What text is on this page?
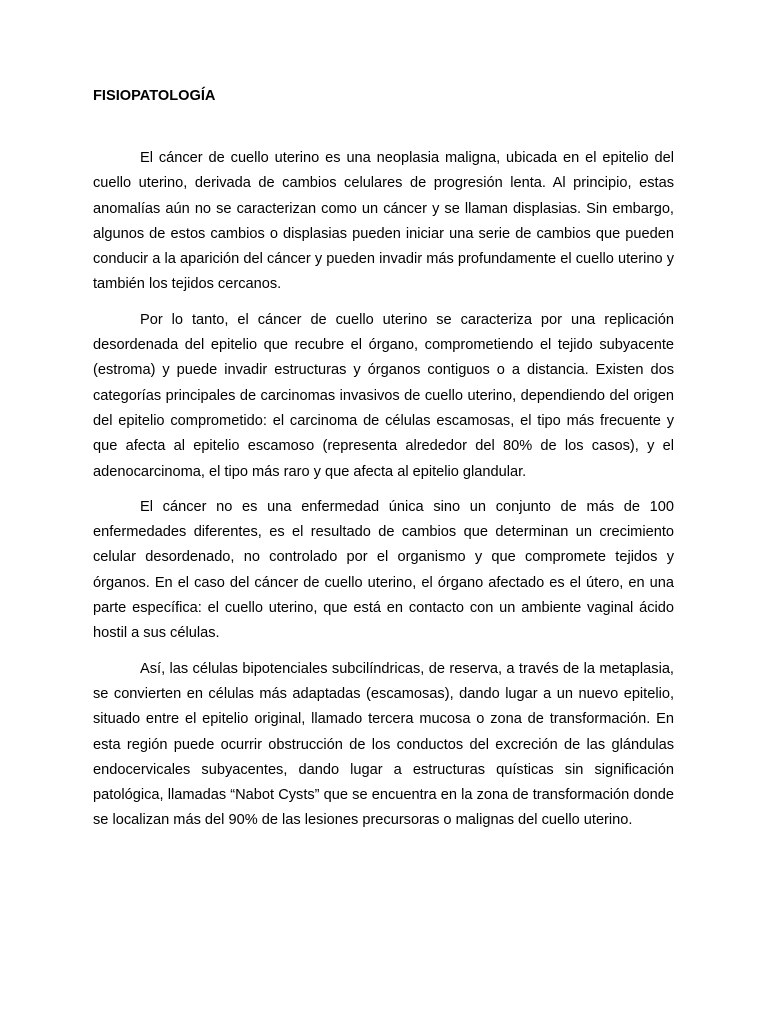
FISIOPATOLOGÍA

El cáncer de cuello uterino es una neoplasia maligna, ubicada en el epitelio del cuello uterino, derivada de cambios celulares de progresión lenta. Al principio, estas anomalías aún no se caracterizan como un cáncer y se llaman displasias. Sin embargo, algunos de estos cambios o displasias pueden iniciar una serie de cambios que pueden conducir a la aparición del cáncer y pueden invadir más profundamente el cuello uterino y también los tejidos cercanos.

Por lo tanto, el cáncer de cuello uterino se caracteriza por una replicación desordenada del epitelio que recubre el órgano, comprometiendo el tejido subyacente (estroma) y puede invadir estructuras y órganos contiguos o a distancia. Existen dos categorías principales de carcinomas invasivos de cuello uterino, dependiendo del origen del epitelio comprometido: el carcinoma de células escamosas, el tipo más frecuente y que afecta al epitelio escamoso (representa alrededor del 80% de los casos), y el adenocarcinoma, el tipo más raro y que afecta al epitelio glandular.

El cáncer no es una enfermedad única sino un conjunto de más de 100 enfermedades diferentes, es el resultado de cambios que determinan un crecimiento celular desordenado, no controlado por el organismo y que compromete tejidos y órganos. En el caso del cáncer de cuello uterino, el órgano afectado es el útero, en una parte específica: el cuello uterino, que está en contacto con un ambiente vaginal ácido hostil a sus células.

Así, las células bipotenciales subcilíndricas, de reserva, a través de la metaplasia, se convierten en células más adaptadas (escamosas), dando lugar a un nuevo epitelio, situado entre el epitelio original, llamado tercera mucosa o zona de transformación. En esta región puede ocurrir obstrucción de los conductos del excreción de las glándulas endocervicales subyacentes, dando lugar a estructuras quísticas sin significación patológica, llamadas “Nabot Cysts” que se encuentra en la zona de transformación donde se localizan más del 90% de las lesiones precursoras o malignas del cuello uterino.
